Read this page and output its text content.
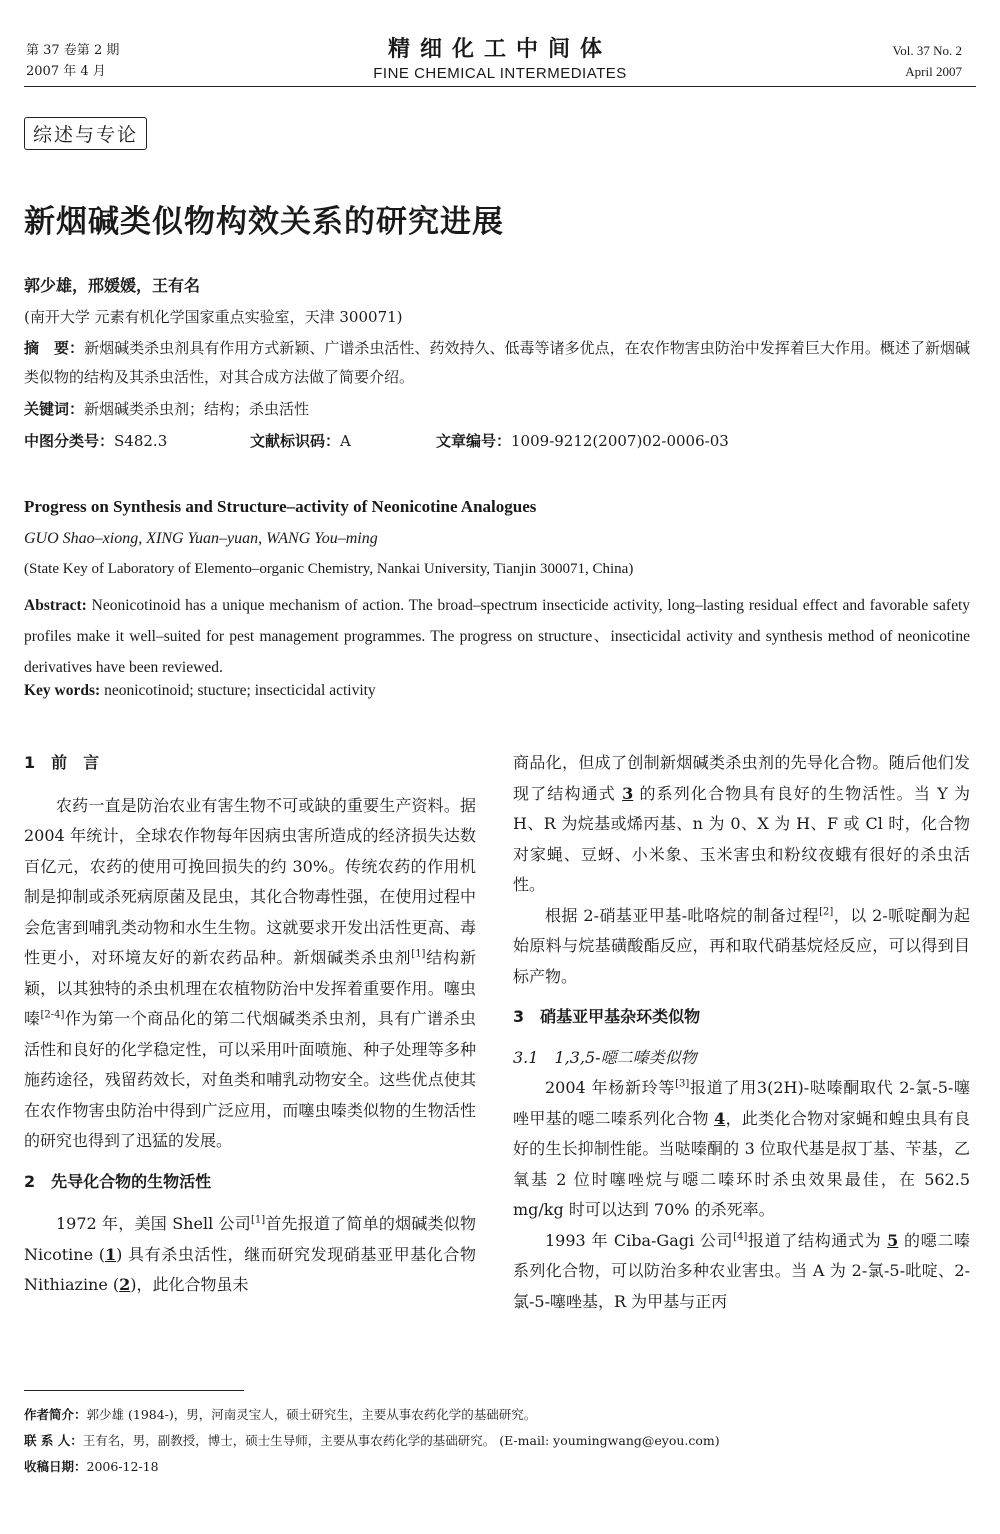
第 37 卷第 2 期
2007 年 4 月
精细化工中间体
FINE CHEMICAL INTERMEDIATES
Vol. 37 No. 2
April 2007
综述与专论
新烟碱类似物构效关系的研究进展
郭少雄，邢媛媛，王有名
(南开大学 元素有机化学国家重点实验室，天津 300071)
摘　要：新烟碱类杀虫剂具有作用方式新颖、广谱杀虫活性、药效持久、低毒等诸多优点，在农作物害虫防治中发挥着巨大作用。概述了新烟碱类似物的结构及其杀虫活性，对其合成方法做了简要介绍。
关键词：新烟碱类杀虫剂；结构；杀虫活性
中图分类号：S482.3	文献标识码：A	文章编号：1009-9212(2007)02-0006-03
Progress on Synthesis and Structure–activity of Neonicotine Analogues
GUO Shao–xiong, XING Yuan–yuan, WANG You–ming
(State Key of Laboratory of Elemento–organic Chemistry, Nankai University, Tianjin 300071, China)
Abstract: Neonicotinoid has a unique mechanism of action. The broad–spectrum insecticide activity, long–lasting residual effect and favorable safety profiles make it well–suited for pest management programmes. The progress on structure、insecticidal activity and synthesis method of neonicotine derivatives have been reviewed.
Key words: neonicotinoid; stucture; insecticidal activity
1　前　言

农药一直是防治农业有害生物不可或缺的重要生产资料。据 2004 年统计，全球农作物每年因病虫害所造成的经济损失达数百亿元，农药的使用可挽回损失的约 30%。传统农药的作用机制是抑制或杀死病原菌及昆虫，其化合物毒性强，在使用过程中会危害到哺乳类动物和水生生物。这就要求开发出活性更高、毒性更小，对环境友好的新农药品种。新烟碱类杀虫剂[1]结构新颖，以其独特的杀虫机理在农植物防治中发挥着重要作用。噻虫嗪[2-4]作为第一个商品化的第二代烟碱类杀虫剂，具有广谱杀虫活性和良好的化学稳定性，可以采用叶面喷施、种子处理等多种施药途径，残留药效长，对鱼类和哺乳动物安全。这些优点使其在农作物害虫防治中得到广泛应用，而噻虫嗪类似物的生物活性的研究也得到了迅猛的发展。

2　先导化合物的生物活性

1972 年，美国 Shell 公司[1]首先报道了简单的烟碱类似物 Nicotine (1) 具有杀虫活性，继而研究发现硝基亚甲基化合物 Nithiazine (2)，此化合物虽未

商品化，但成了创制新烟碱类杀虫剂的先导化合物。随后他们发现了结构通式 3 的系列化合物具有良好的生物活性。当 Y 为 H、R 为烷基或烯丙基、n 为 0、X 为 H、F 或 Cl 时，化合物对家蝇、豆蚜、小米象、玉米害虫和粉纹夜蛾有很好的杀虫活性。

根据 2-硝基亚甲基-吡咯烷的制备过程[2]，以 2-哌啶酮为起始原料与烷基磺酸酯反应，再和取代硝基烷烃反应，可以得到目标产物。

3　硝基亚甲基杂环类似物
3.1　1,3,5-噁二嗪类似物

2004 年杨新玲等[3]报道了用3(2H)-哒嗪酮取代 2-氯-5-噻唑甲基的噁二嗪系列化合物 4，此类化合物对家蝇和蝗虫具有良好的生长抑制性能。当哒嗪酮的 3 位取代基是叔丁基、苄基，乙氧基 2 位时噻唑烷与噁二嗪环时杀虫效果最佳，在 562.5 mg/kg 时可以达到 70% 的杀死率。

1993 年 Ciba-Gagi 公司[4]报道了结构通式为 5 的噁二嗪系列化合物，可以防治多种农业害虫。当 A 为 2-氯-5-吡啶、2-氯-5-噻唑基，R 为甲基与正丙

作者简介：郭少雄 (1984-)，男，河南灵宝人，硕士研究生，主要从事农药化学的基础研究。
联 系 人：王有名，男，副教授，博士，硕士生导师，主要从事农药化学的基础研究。 (E-mail: youmingwang@eyou.com)
收稿日期：2006-12-18
